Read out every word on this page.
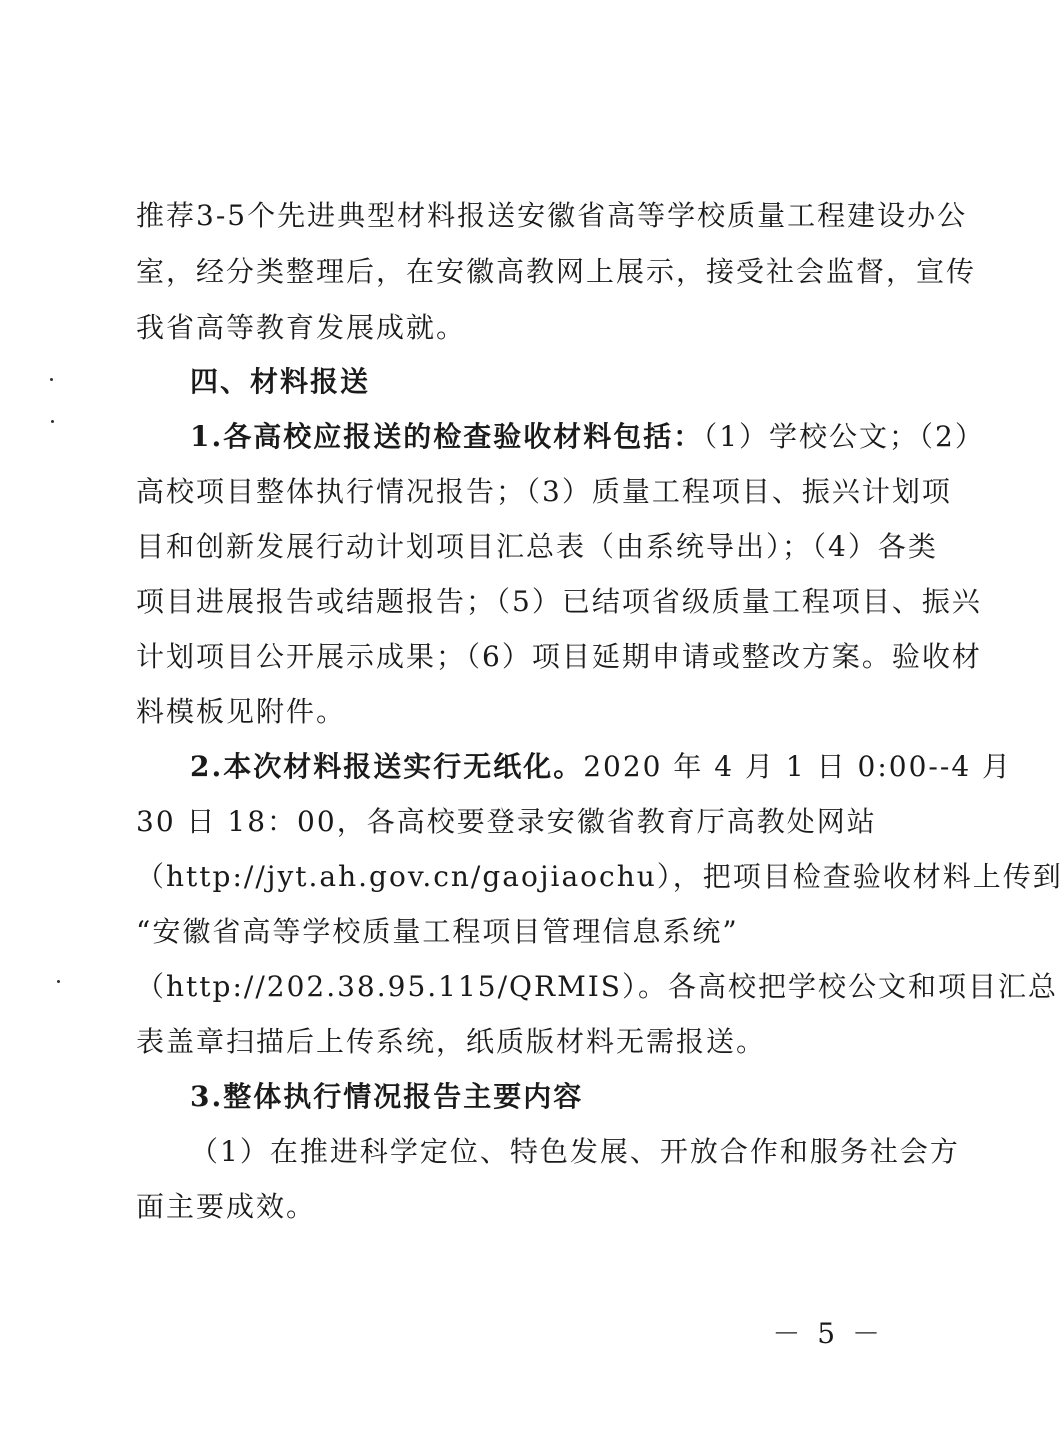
推荐3-5个先进典型材料报送安徽省高等学校质量工程建设办公
室，经分类整理后，在安徽高教网上展示，接受社会监督，宣传
我省高等教育发展成就。
四、材料报送
1.各高校应报送的检查验收材料包括：（1）学校公文；（2）
高校项目整体执行情况报告；（3）质量工程项目、振兴计划项
目和创新发展行动计划项目汇总表（由系统导出）；（4）各类
项目进展报告或结题报告；（5）已结项省级质量工程项目、振兴
计划项目公开展示成果；（6）项目延期申请或整改方案。验收材
料模板见附件。
2.本次材料报送实行无纸化。2020 年 4 月 1 日 0:00--4 月
30 日 18：00，各高校要登录安徽省教育厅高教处网站
（http://jyt.ah.gov.cn/gaojiaochu），把项目检查验收材料上传到
“安徽省高等学校质量工程项目管理信息系统”
（http://202.38.95.115/QRMIS）。各高校把学校公文和项目汇总
表盖章扫描后上传系统，纸质版材料无需报送。
3.整体执行情况报告主要内容
（1）在推进科学定位、特色发展、开放合作和服务社会方
面主要成效。
－ 5 －
